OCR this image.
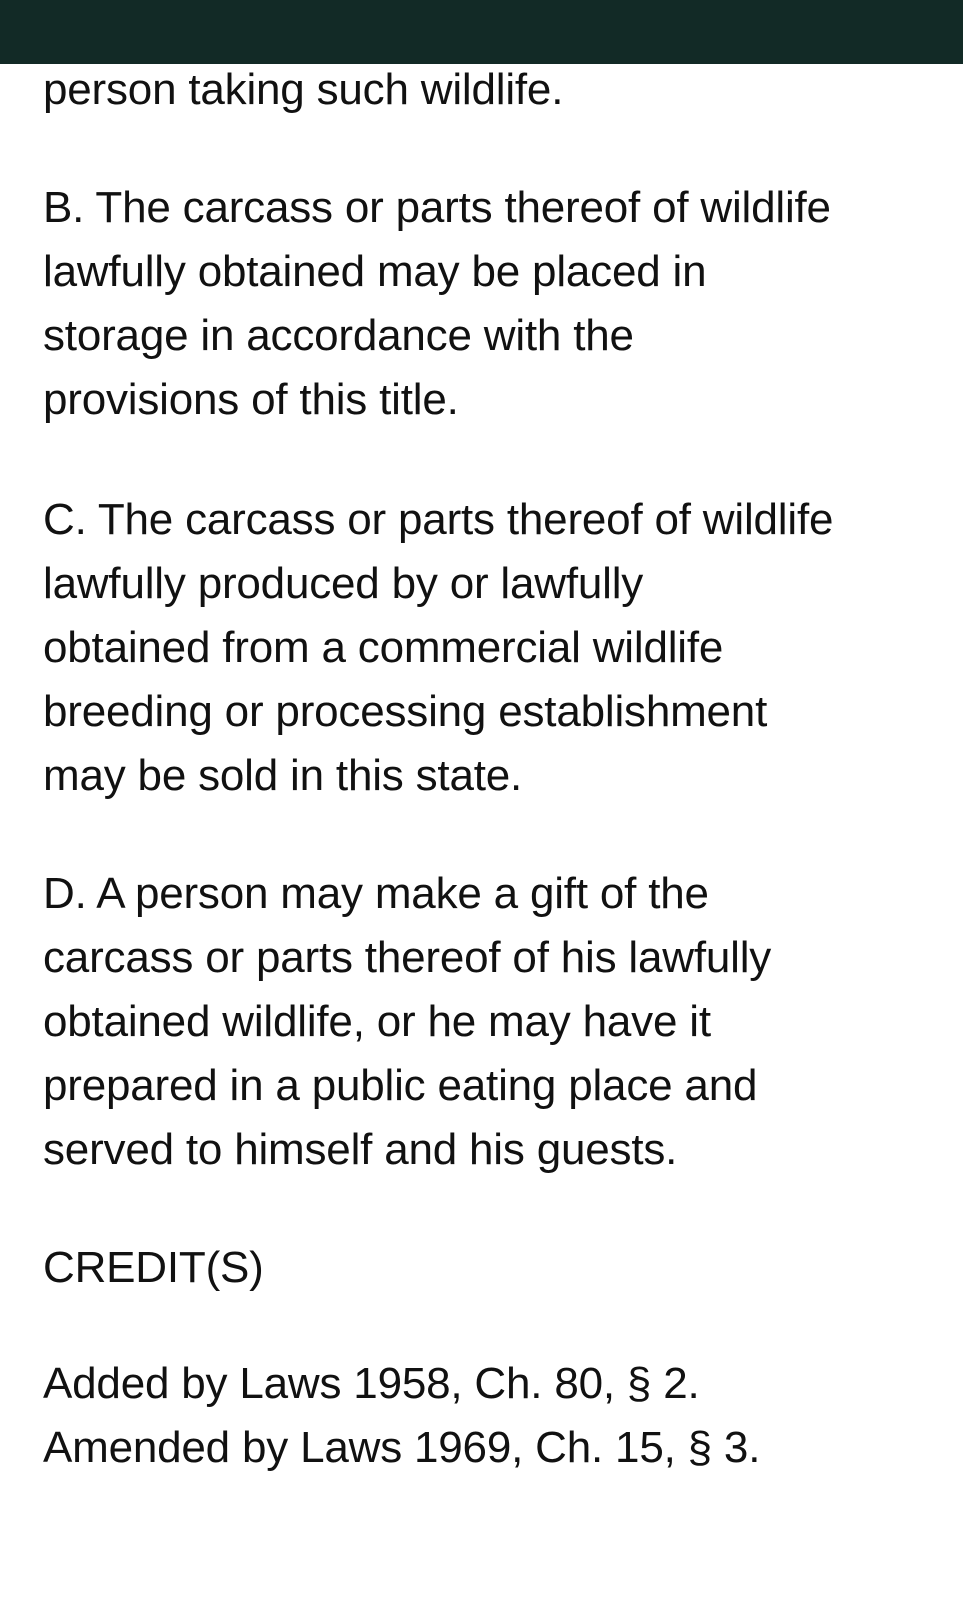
person taking such wildlife.
B. The carcass or parts thereof of wildlife
lawfully obtained may be placed in
storage in accordance with the
provisions of this title.
C. The carcass or parts thereof of wildlife
lawfully produced by or lawfully
obtained from a commercial wildlife
breeding or processing establishment
may be sold in this state.
D. A person may make a gift of the
carcass or parts thereof of his lawfully
obtained wildlife, or he may have it
prepared in a public eating place and
served to himself and his guests.
CREDIT(S)
Added by Laws 1958, Ch. 80, § 2.
Amended by Laws 1969, Ch. 15, § 3.
